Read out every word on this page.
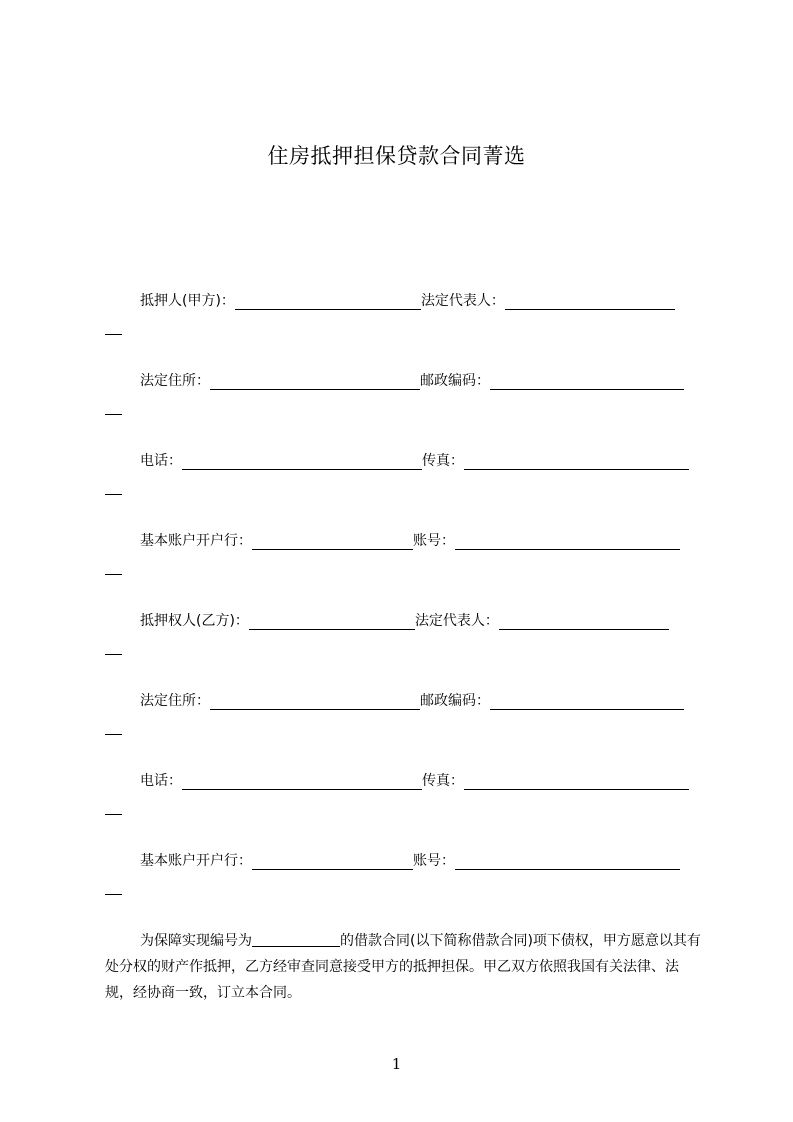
住房抵押担保贷款合同菁选
抵押人(甲方)：	法定代表人：
法定住所：	邮政编码：
电话：	传真：
基本账户开户行：	账号：
抵押权人(乙方)：	法定代表人：
法定住所：	邮政编码：
电话：	传真：
基本账户开户行：	账号：
为保障实现编号为	的借款合同(以下简称借款合同)项下债权，甲方愿意以其有处分权的财产作抵押，乙方经审查同意接受甲方的抵押担保。甲乙双方依照我国有关法律、法规，经协商一致，订立本合同。
1
